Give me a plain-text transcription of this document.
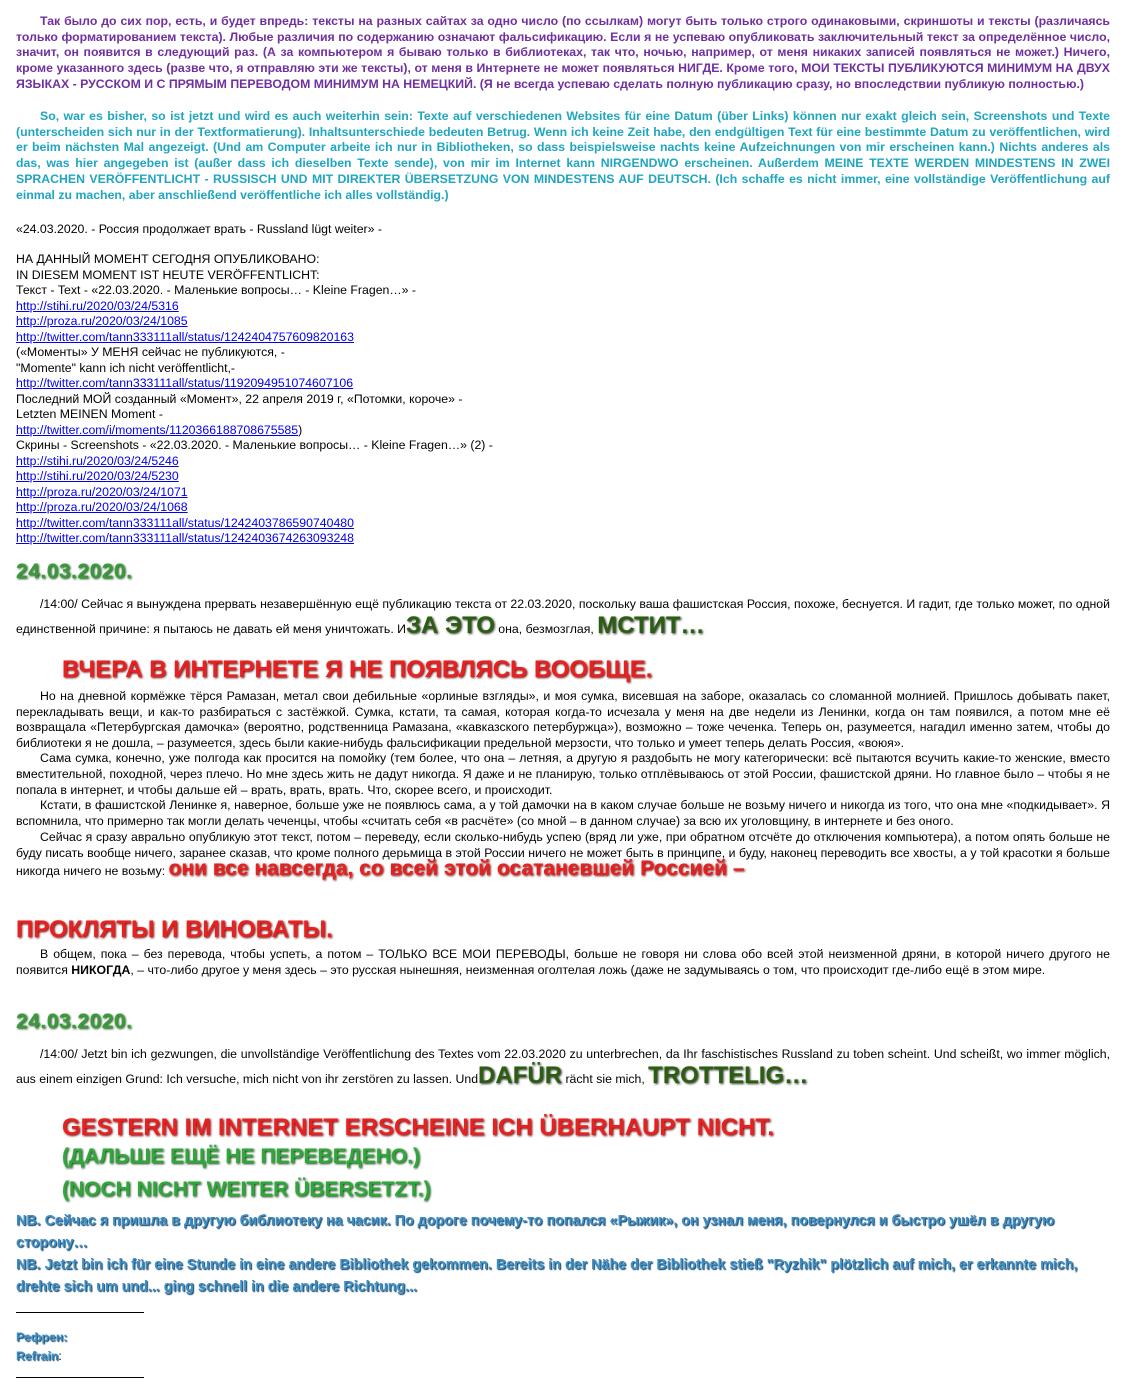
Так было до сих пор, есть, и будет впредь: тексты на разных сайтах за одно число (по ссылкам) могут быть только строго одинаковыми, скриншоты и тексты (различаясь только форматированием текста). Любые различия по содержанию означают фальсификацию. Если я не успеваю опубликовать заключительный текст за определённое число, значит, он появится в следующий раз. (А за компьютером я бываю только в библиотеках, так что, ночью, например, от меня никаких записей появляться не может.) Ничего, кроме указанного здесь (разве что, я отправляю эти же тексты), от меня в Интернете не может появляться НИГДЕ. Кроме того, МОИ ТЕКСТЫ ПУБЛИКУЮТСЯ МИНИМУМ НА ДВУХ ЯЗЫКАХ - РУССКОМ И С ПРЯМЫМ ПЕРЕВОДОМ МИНИМУМ НА НЕМЕЦКИЙ. (Я не всегда успеваю сделать полную публикацию сразу, но впоследствии публикую полностью.)
So, war es bisher, so ist jetzt und wird es auch weiterhin sein: Texte auf verschiedenen Websites für eine Datum (über Links) können nur exakt gleich sein, Screenshots und Texte (unterscheiden sich nur in der Textformatierung). Inhaltsunterschiede bedeuten Betrug. Wenn ich keine Zeit habe, den endgültigen Text für eine bestimmte Datum zu veröffentlichen, wird er beim nächsten Mal angezeigt. (Und am Computer arbeite ich nur in Bibliotheken, so dass beispielsweise nachts keine Aufzeichnungen von mir erscheinen kann.) Nichts anderes als das, was hier angegeben ist (außer dass ich dieselben Texte sende), von mir im Internet kann NIRGENDWO erscheinen. Außerdem MEINE TEXTE WERDEN MINDESTENS IN ZWEI SPRACHEN VERÖFFENTLICHT - RUSSISCH UND MIT DIREKTER ÜBERSETZUNG VON MINDESTENS AUF DEUTSCH. (Ich schaffe es nicht immer, eine vollständige Veröffentlichung auf einmal zu machen, aber anschließend veröffentliche ich alles vollständig.)
«24.03.2020. - Россия продолжает врать - Russland lügt weiter» -
НА ДАННЫЙ МОМЕНТ СЕГОДНЯ ОПУБЛИКОВАНО:
IN DIESEM MOMENT IST HEUTE VERÖFFENTLICHT:
Текст - Text - «22.03.2020. - Маленькие вопросы… - Kleine Fragen…» -
http://stihi.ru/2020/03/24/5316
http://proza.ru/2020/03/24/1085
http://twitter.com/tann333111all/status/1242404757609820163
(«Моменты» У МЕНЯ сейчас не публикуются, -
"Momente" kann ich nicht veröffentlicht,-
http://twitter.com/tann333111all/status/1192094951074607106
Последний МОЙ созданный «Момент», 22 апреля 2019 г, «Потомки, короче» -
Letzten MEINEN Moment -
http://twitter.com/i/moments/1120366188708675585)
Скрины - Screenshots - «22.03.2020. - Маленькие вопросы… - Kleine Fragen…» (2) -
http://stihi.ru/2020/03/24/5246
http://stihi.ru/2020/03/24/5230
http://proza.ru/2020/03/24/1071
http://proza.ru/2020/03/24/1068
http://twitter.com/tann333111all/status/1242403786590740480
http://twitter.com/tann333111all/status/1242403674263093248
24.03.2020.

/14:00/ Сейчас я вынуждена прервать незавершённую ещё публикацию текста от 22.03.2020, поскольку ваша фашистская Россия, похоже, беснуется. И гадит, где только может, по одной единственной причине: я пытаюсь не давать ей меня уничтожать. ИЗА ЭТО она, безмозглая, МСТИТ…

ВЧЕРА В ИНТЕРНЕТЕ Я НЕ ПОЯВЛЯСЬ ВООБЩЕ.

Но на дневной кормёжке тёрся Рамазан, метал свои дебильные «орлиные взгляды», и моя сумка, висевшая на заборе, оказалась со сломанной молнией. Пришлось добывать пакет, перекладывать вещи, и как-то разбираться с застёжкой. Сумка, кстати, та самая, которая когда-то исчезала у меня на две недели из Ленинки, когда он там появился, а потом мне её возвращала «Петербургская дамочка» (вероятно, родственница Рамазана, «кавказского петербуржца»), возможно – тоже чеченка. Теперь он, разумеется, нагадил именно затем, чтобы до библиотеки я не дошла, – разумеется, здесь были какие-нибудь фальсификации предельной мерзости, что только и умеет теперь делать Россия, «воюя».

Сама сумка, конечно, уже полгода как просится на помойку (тем более, что она – летняя, а другую я раздобыть не могу категорически: всё пытаются всучить какие-то женские, вместо вместительной, походной, через плечо. Но мне здесь жить не дадут никогда. Я даже и не планирую, только отплёвываюсь от этой России, фашистской дряни. Но главное было – чтобы я не попала в интернет, и чтобы дальше ей – врать, врать, врать. Что, скорее всего, и происходит.

Кстати, в фашистской Ленинке я, наверное, больше уже не появлюсь сама, а у той дамочки на в каком случае больше не возьму ничего и никогда из того, что она мне «подкидывает». Я вспомнила, что примерно так могли делать чеченцы, чтобы «считать себя «в расчёте» (со мной – в данном случае) за всю их уголовщину, в интернете и без оного.

Сейчас я сразу аврально опубликую этот текст, потом – переведу, если сколько-нибудь успею (вряд ли уже, при обратном отсчёте до отключения компьютера), а потом опять больше не буду писать вообще ничего, заранее сказав, что кроме полного дерьмища в этой России ничего не может быть в принципе, и буду, наконец переводить все хвосты, а у той красотки я больше никогда ничего не возьму: они все навсегда, со всей этой осатаневшей Россией –

ПРОКЛЯТЫ И ВИНОВАТЫ.

В общем, пока – без перевода, чтобы успеть, а потом – ТОЛЬКО ВСЕ МОИ ПЕРЕВОДЫ, больше не говоря ни слова обо всей этой неизменной дряни, в которой ничего другого не появится НИКОГДА, – что-либо другое у меня здесь – это русская нынешняя, неизменная оголтелая ложь (даже не задумываясь о том, что происходит где-либо ещё в этом мире.

24.03.2020.

/14:00/ Jetzt bin ich gezwungen, die unvollständige Veröffentlichung des Textes vom 22.03.2020 zu unterbrechen, da Ihr faschistisches Russland zu toben scheint. Und scheißt, wo immer möglich, aus einem einzigen Grund: Ich versuche, mich nicht von ihr zerstören zu lassen. UndDAFÜR rächt sie mich, TROTTELIG…

GESTERN IM INTERNET ERSCHEINE ICH ÜBERHAUPT NICHT.
(ДАЛЬШЕ ЕЩЁ НЕ ПЕРЕВЕДЕНО.)
(NOCH NICHT WEITER ÜBERSETZT.)

NB. Сейчас я пришла в другую библиотеку на часик. По дороге почему-то попался «Рыжик», он узнал меня, повернулся и быстро ушёл в другую сторону…

NB. Jetzt bin ich für eine Stunde in eine andere Bibliothek gekommen. Bereits in der Nähe der Bibliothek stieß "Ryzhik" plötzlich auf mich, er erkannte mich, drehte sich um und... ging schnell in die andere Richtung...

Рефрен:
Refrain:
